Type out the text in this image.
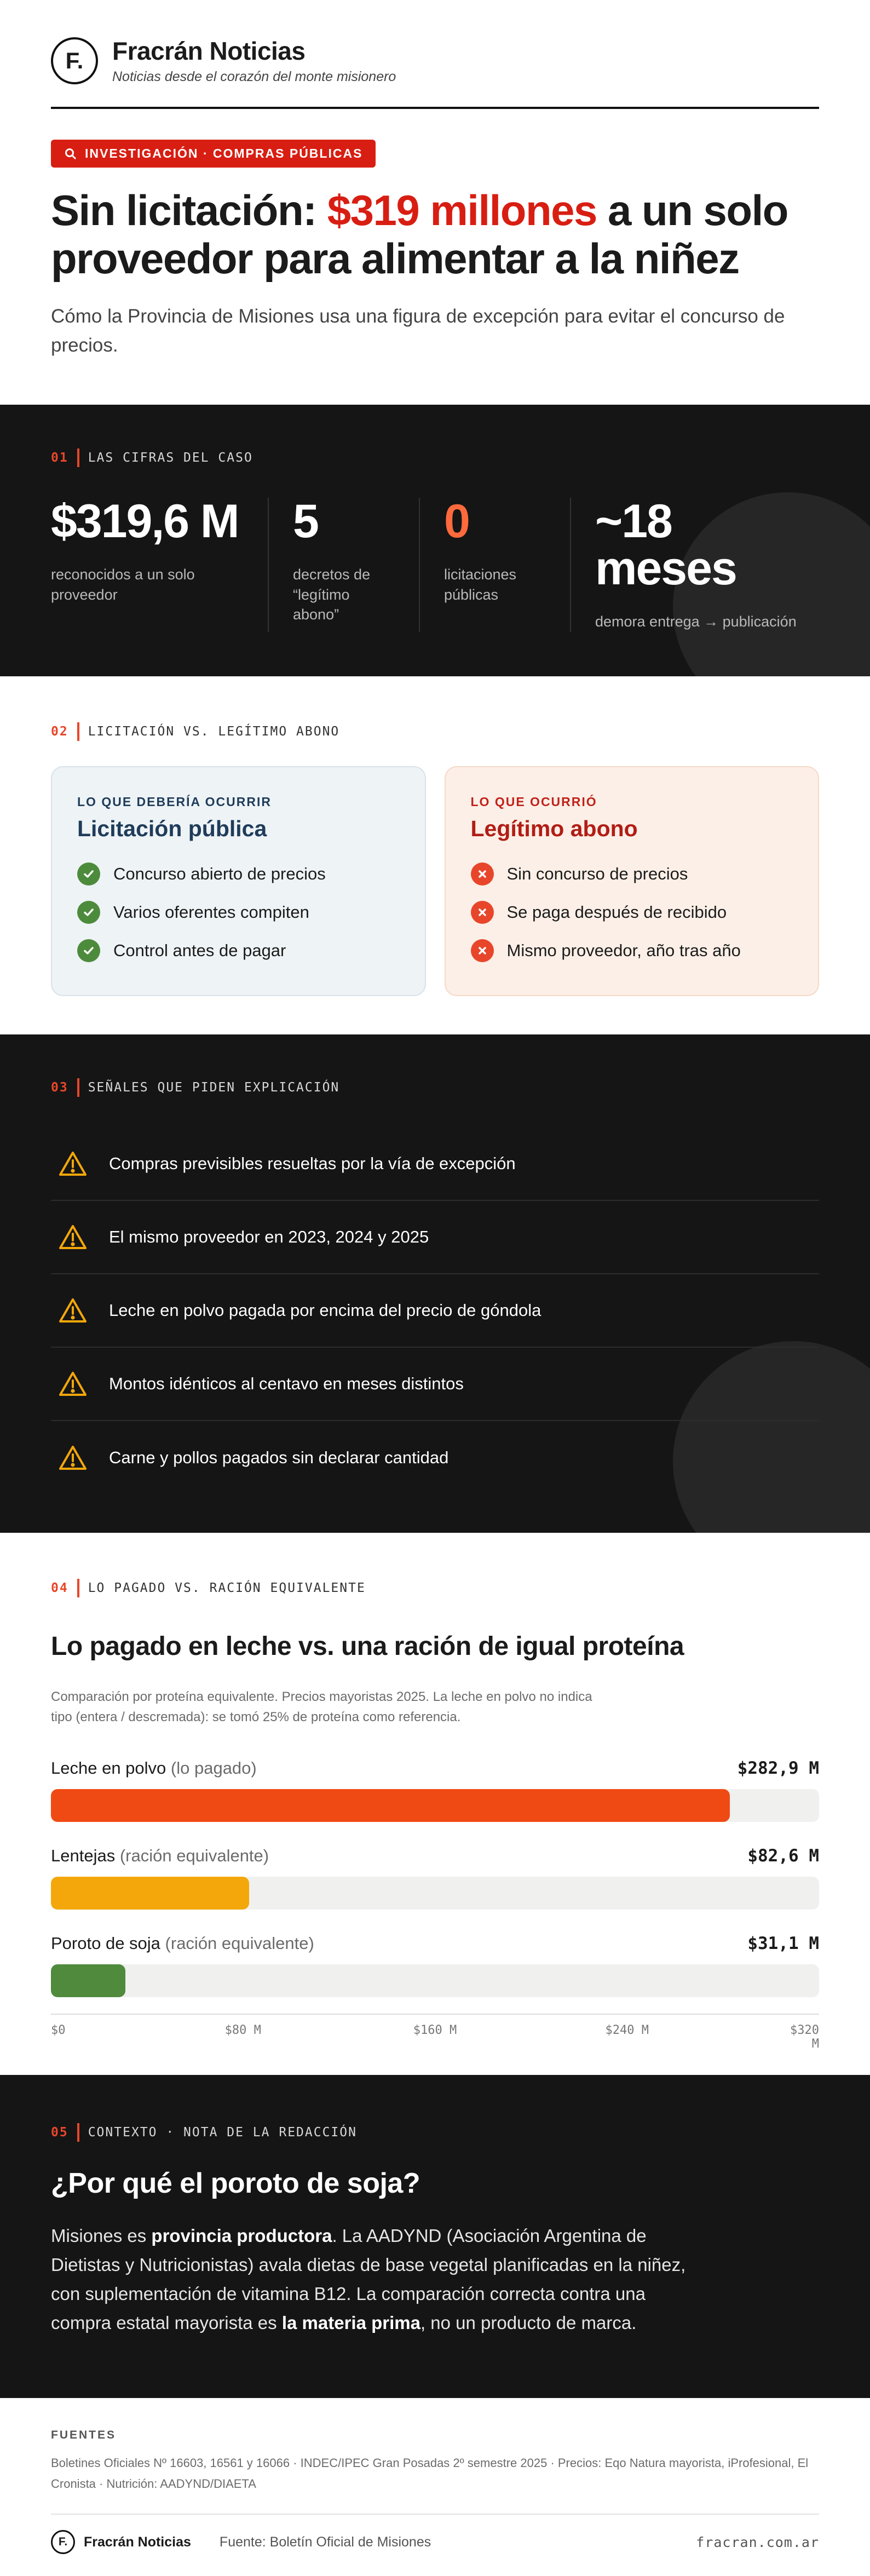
F.	Fracrán Noticias
Noticias desde el corazón del monte misionero
INVESTIGACIÓN · COMPRAS PÚBLICAS
Sin licitación: $319 millones a un solo proveedor para alimentar a la niñez

Cómo la Provincia de Misiones usa una figura de excepción para evitar el concurso de precios.

01 LAS CIFRAS DEL CASO
$319,6 M
reconocidos a un solo proveedor
5
decretos de “legítimo abono”
0
licitaciones públicas
~18 meses
demora entrega → publicación
02 LICITACIÓN VS. LEGÍTIMO ABONO
LO QUE DEBERÍA OCURRIR
Licitación pública
Concurso abierto de precios
Varios oferentes compiten
Control antes de pagar
LO QUE OCURRIÓ
Legítimo abono
Sin concurso de precios
Se paga después de recibido
Mismo proveedor, año tras año
03 SEÑALES QUE PIDEN EXPLICACIÓN
Compras previsibles resueltas por la vía de excepción
El mismo proveedor en 2023, 2024 y 2025
Leche en polvo pagada por encima del precio de góndola
Montos idénticos al centavo en meses distintos
Carne y pollos pagados sin declarar cantidad
04 LO PAGADO VS. RACIÓN EQUIVALENTE
Lo pagado en leche vs. una ración de igual proteína

Comparación por proteína equivalente. Precios mayoristas 2025. La leche en polvo no indica tipo (entera / descremada): se tomó 25% de proteína como referencia.

Leche en polvo (lo pagado)	$282,9 M
Lentejas (ración equivalente)	$82,6 M
Poroto de soja (ración equivalente)	$31,1 M
$0	$80 M	$160 M	$240 M	$320 M
05 CONTEXTO · NOTA DE LA REDACCIÓN
¿Por qué el poroto de soja?

Misiones es provincia productora. La AADYND (Asociación Argentina de Dietistas y Nutricionistas) avala dietas de base vegetal planificadas en la niñez, con suplementación de vitamina B12. La comparación correcta contra una compra estatal mayorista es la materia prima, no un producto de marca.

FUENTES
Boletines Oficiales Nº 16603, 16561 y 16066 · INDEC/IPEC Gran Posadas 2º semestre 2025 · Precios: Eqo Natura mayorista, iProfesional, El Cronista · Nutrición: AADYND/DIAETA
F.	Fracrán Noticias Fuente: Boletín Oficial de Misiones	fracran.com.ar
